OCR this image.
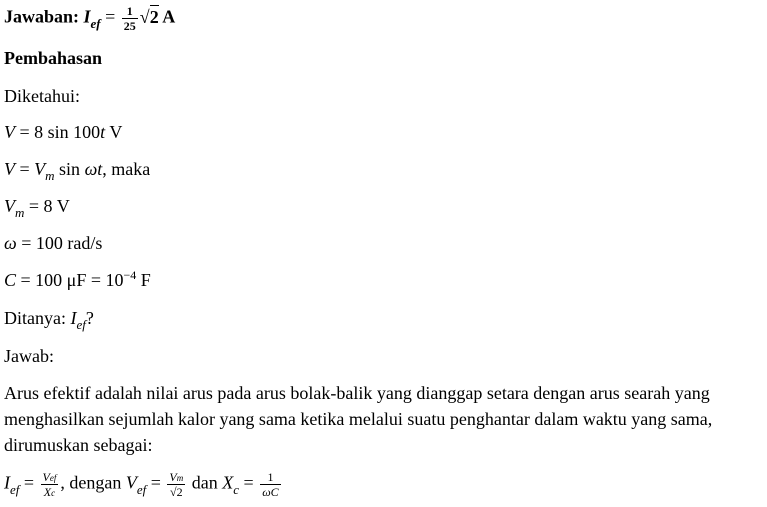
Jawaban: $I_{ef} = \frac{1}{25} √2$ A
Pembahasan
Diketahui:
V = 8 sin 100t V
$V = V_m$ sin ωt, maka
$V_m = 8$ V
ω = 100 rad/s
C = 100 $\mu F = 10^{-4}$ F
Ditanya: $I_{ef}$?
Jawab:
Arus efektif adalah nilai arus pada arus bolak-balik yang dianggap setara dengan arus searah yang menghasilkan sejumlah kalor yang sama ketika melalui suatu penghantar dalam waktu yang sama, dirumuskan sebagai:
$I_{ef} = \frac{\text{Vef}}{Xc}$ , dengan $V_{ef} = \frac{Vm}{√2}$ dan $X_c = \frac{1}{\omega C}$
